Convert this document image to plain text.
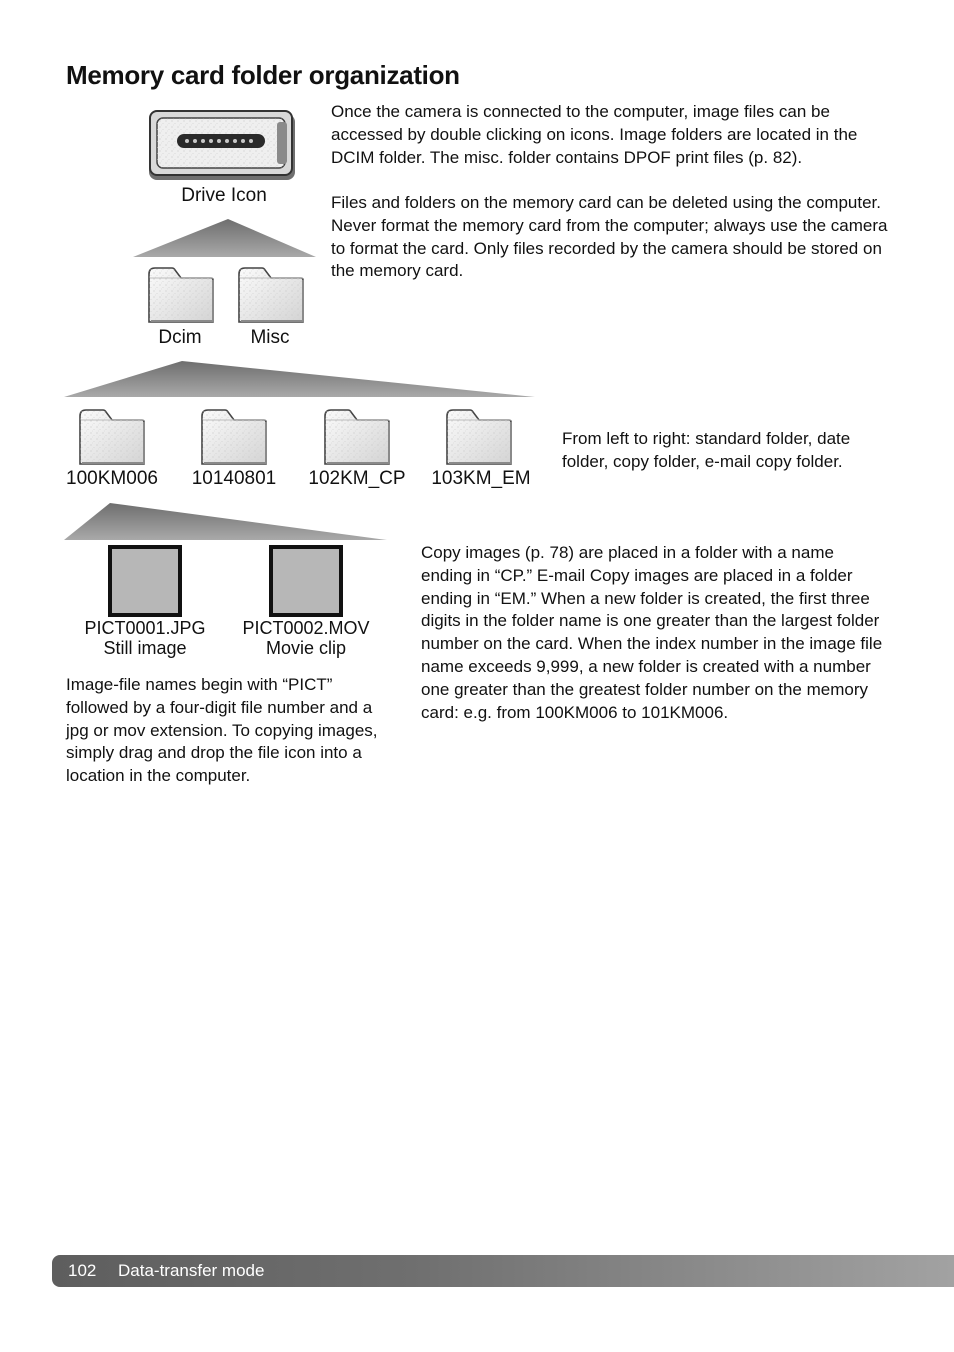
Memory card folder organization

Once the camera is connected to the computer, image files can be accessed by double clicking on icons. Image folders are located in the DCIM folder. The misc. folder contains DPOF print files (p. 82).

Files and folders on the memory card can be deleted using the computer. Never format the memory card from the computer; always use the camera to format the card. Only files recorded by the camera should be stored on the memory card.

Drive Icon
Dcim	Misc
100KM006	10140801	102KM_CP	103KM_EM

From left to right: standard folder, date folder, copy folder, e-mail copy folder.

PICT0001.JPG
Still image
PICT0002.MOV
Movie clip

Image-file names begin with “PICT” followed by a four-digit file number and a jpg or mov extension. To copying images, simply drag and drop the file icon into a location in the computer.

Copy images (p. 78) are placed in a folder with a name ending in “CP.” E-mail Copy images are placed in a folder ending in “EM.” When a new folder is created, the first three digits in the folder name is one greater than the largest folder number on the card. When the index number in the image file name exceeds 9,999, a new folder is created with a number one greater than the greatest folder number on the memory card: e.g. from 100KM006 to 101KM006.

102 Data-transfer mode
